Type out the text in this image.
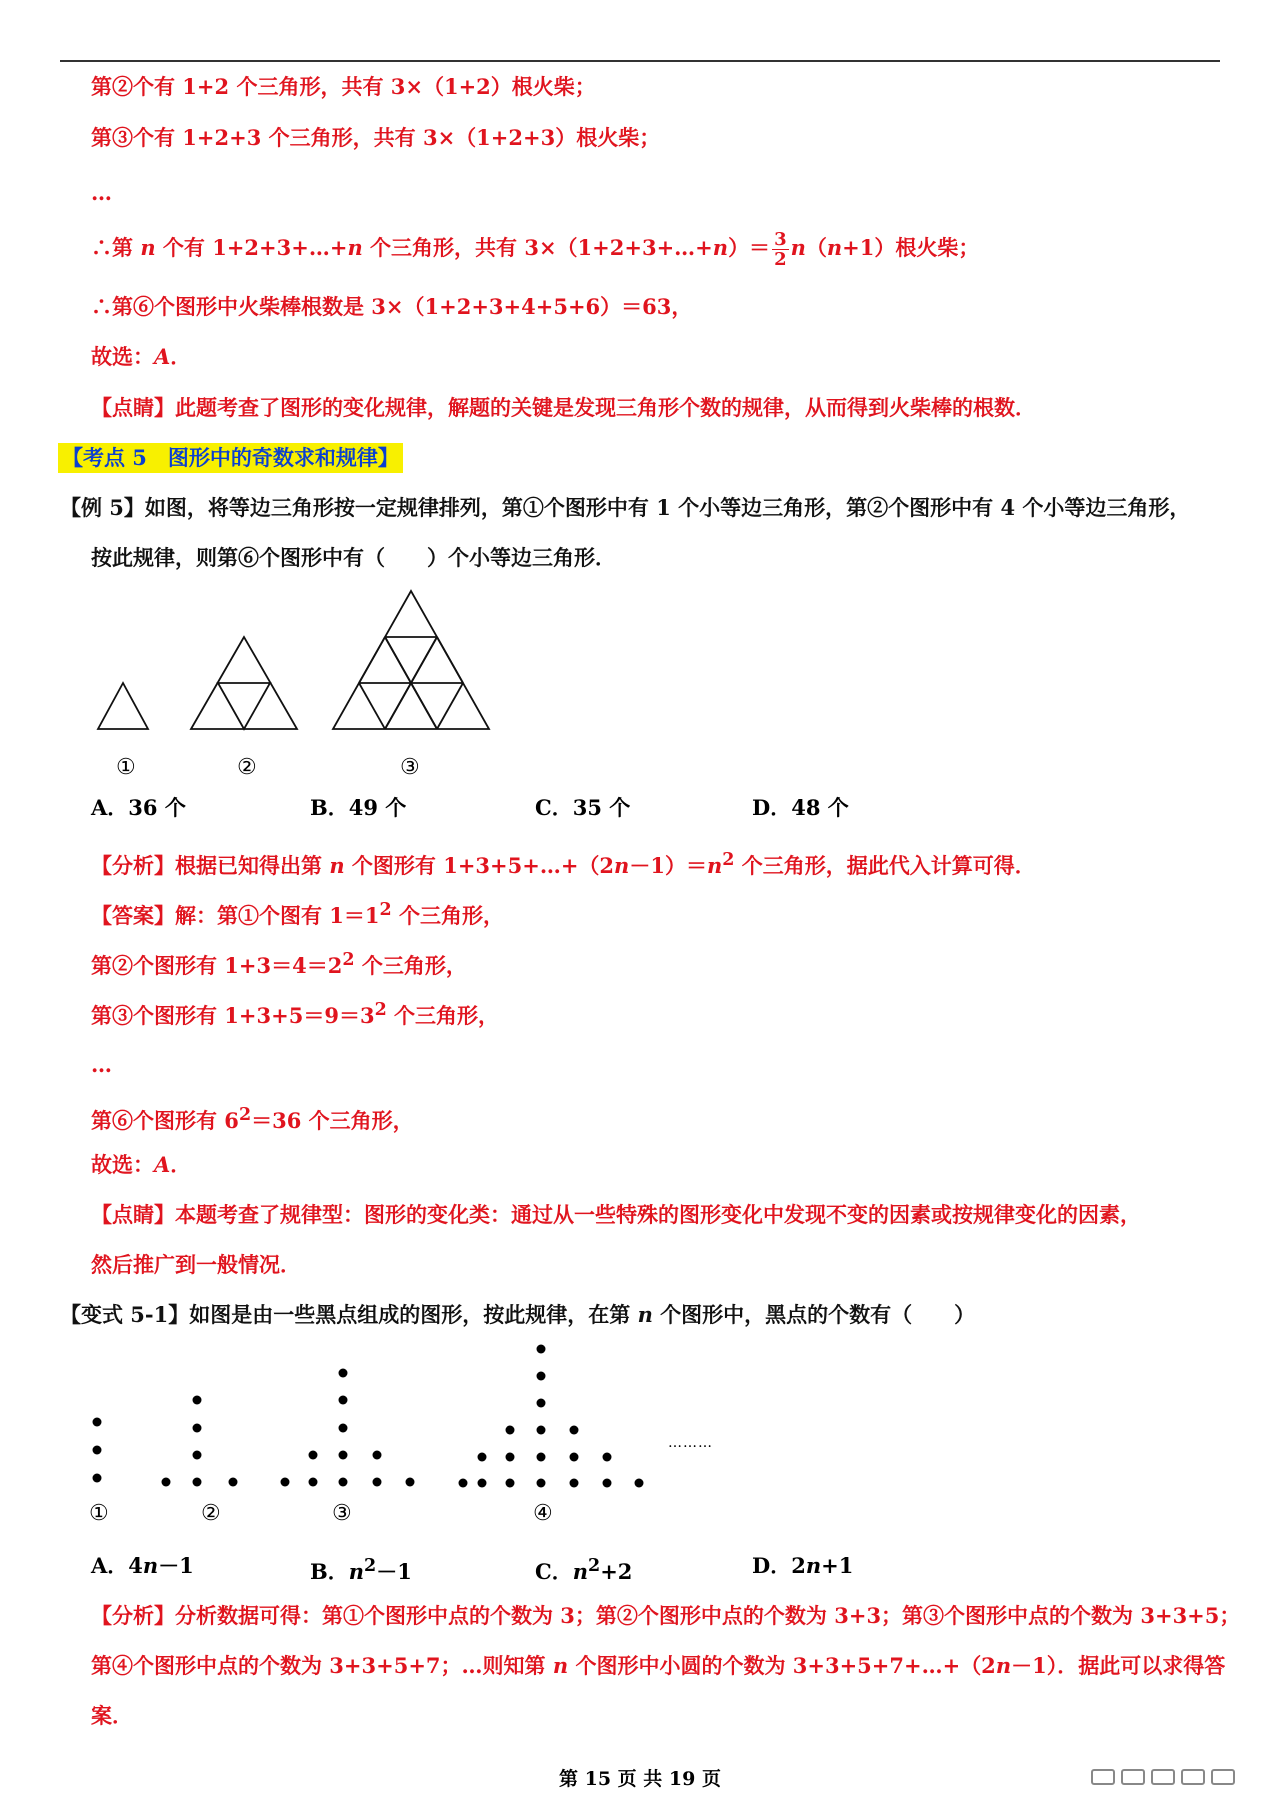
第②个有 1+2 个三角形，共有 3×（1+2）根火柴；
第③个有 1+2+3 个三角形，共有 3×（1+2+3）根火柴；
…
∴第 n 个有 1+2+3+…+n 个三角形，共有 3×（1+2+3+…+n）＝ $\frac{3}{2} n(n+1)$根火柴；
∴第⑥个图形中火柴棒根数是 3×（1+2+3+4+5+6）＝63，
故选：A．
【点睛】此题考查了图形的变化规律，解题的关键是发现三角形个数的规律，从而得到火柴棒的根数．
【考点 5　图形中的奇数求和规律】
【例 5】如图，将等边三角形按一定规律排列，第①个图形中有 1 个小等边三角形，第②个图形中有 4 个小等边三角形，
按此规律，则第⑥个图形中有（　　）个小等边三角形．
①	②	③
A．36 个	B．49 个	C．35 个	D．48 个
【分析】根据已知得出第 n 个图形有 $1+3+5+\dots+(2n-1)=n^2$ 个三角形，据此代入计算可得．
【答案】解：第①个图有 $1=1^2$ 个三角形，
第②个图形有 $1+3=4=2^2$ 个三角形，
第③个图形有 $1+3+5=9=3^2$ 个三角形，
…
第⑥个图形有 $6^2=36$ 个三角形，
故选：A．
【点睛】本题考查了规律型：图形的变化类：通过从一些特殊的图形变化中发现不变的因素或按规律变化的因素，
然后推广到一般情况．
【变式 5-1】如图是由一些黑点组成的图形，按此规律，在第 n 个图形中，黑点的个数有（　　）
①	②	③	④
………
A．4n－1	B．$n^2-1$	C．$n^2+2$	D．2n+1
【分析】分析数据可得：第①个图形中点的个数为 3；第②个图形中点的个数为 3+3；第③个图形中点的个数为 3+3+5；
第④个图形中点的个数为 3+3+5+7；…则知第 n 个图形中小圆的个数为 3+3+5+7+…+（2n－1）．据此可以求得答
案．
第 15 页 共 19 页
